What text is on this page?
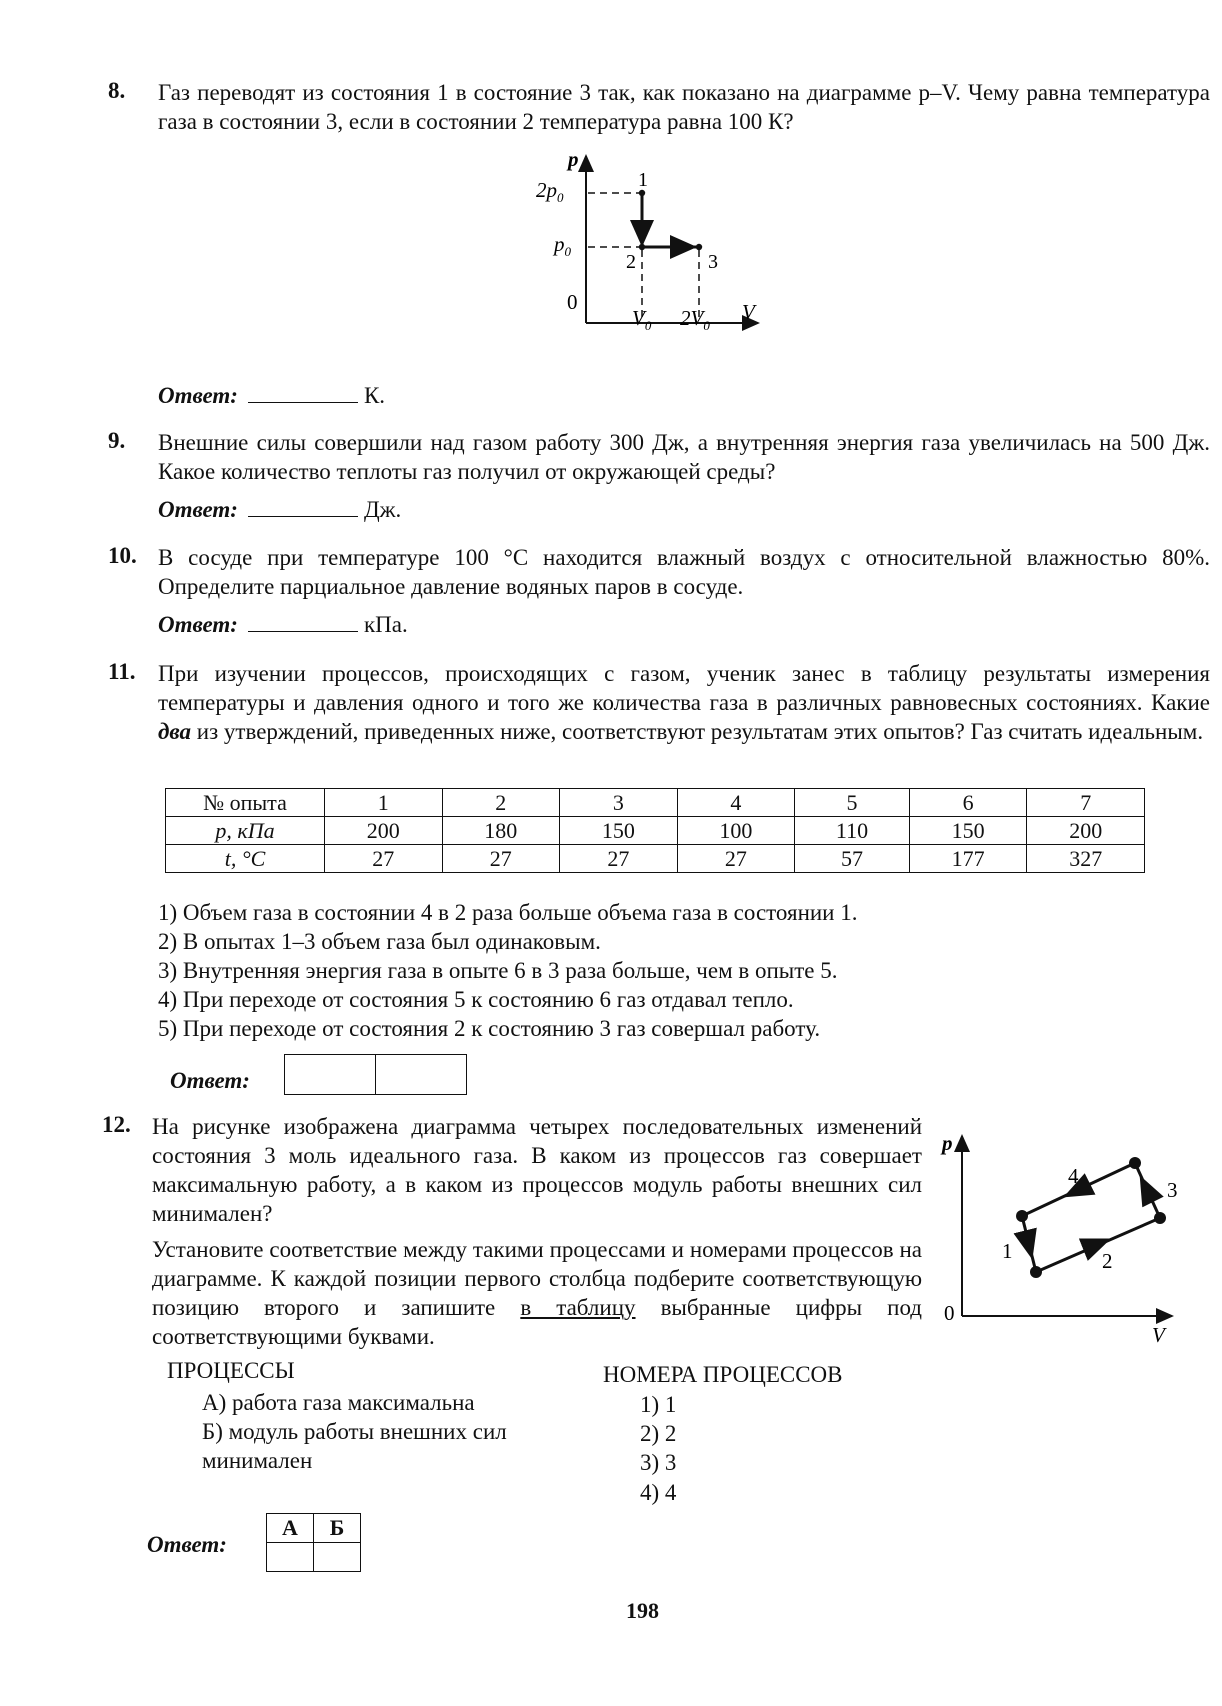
8. Газ переводят из состояния 1 в состояние 3 так, как показано на диаграмме p–V. Чему равна температура газа в состоянии 3, если в состоянии 2 температура равна 100 К?
p
V
$2p_0$
$p_0$
0
$V_0$ $2V_0$
1
2	3
Ответ:	К.
9. Внешние силы совершили над газом работу 300 Дж, а внутренняя энергия газа увеличилась на 500 Дж. Какое количество теплоты газ получил от окружающей среды?
Ответ:	Дж.
10. В сосуде при температуре 100 °С находится влажный воздух с относительной влажностью 80%. Определите парциальное давление водяных паров в сосуде.
Ответ:	кПа.
11. При изучении процессов, происходящих с газом, ученик занес в таблицу результаты измерения температуры и давления одного и того же количества газа в различных равновесных состояниях. Какие два из утверждений, приведенных ниже, соответствуют результатам этих опытов? Газ считать идеальным.
№ опыта	1	2	3	4	5	6	7
p, кПа	200	180	150	100	110	150	200
t, °С	27	27	27	27	57	177	327
1) Объем газа в состоянии 4 в 2 раза больше объема газа в состоянии 1.
2) В опытах 1–3 объем газа был одинаковым.
3) Внутренняя энергия газа в опыте 6 в 3 раза больше, чем в опыте 5.
4) При переходе от состояния 5 к состоянию 6 газ отдавал тепло.
5) При переходе от состояния 2 к состоянию 3 газ совершал работу.
Ответ:
12. На рисунке изображена диаграмма четырех последовательных изменений состояния 3 моль идеального газа. В каком из процессов газ совершает максимальную работу, а в каком из процессов модуль работы внешних сил минимален?
Установите соответствие между такими процессами и номерами процессов на диаграмме. К каждой позиции первого столбца подберите соответствующую позицию второго и запишите в таблицу выбранные цифры под соответствующими буквами.
p
V
0
1	2
3
4
ПРОЦЕССЫ
А) работа газа максимальна
Б) модуль работы внешних сил
минимален
НОМЕРА ПРОЦЕССОВ
1) 1
2) 2
3) 3
4) 4
Ответ:
А	Б

198
